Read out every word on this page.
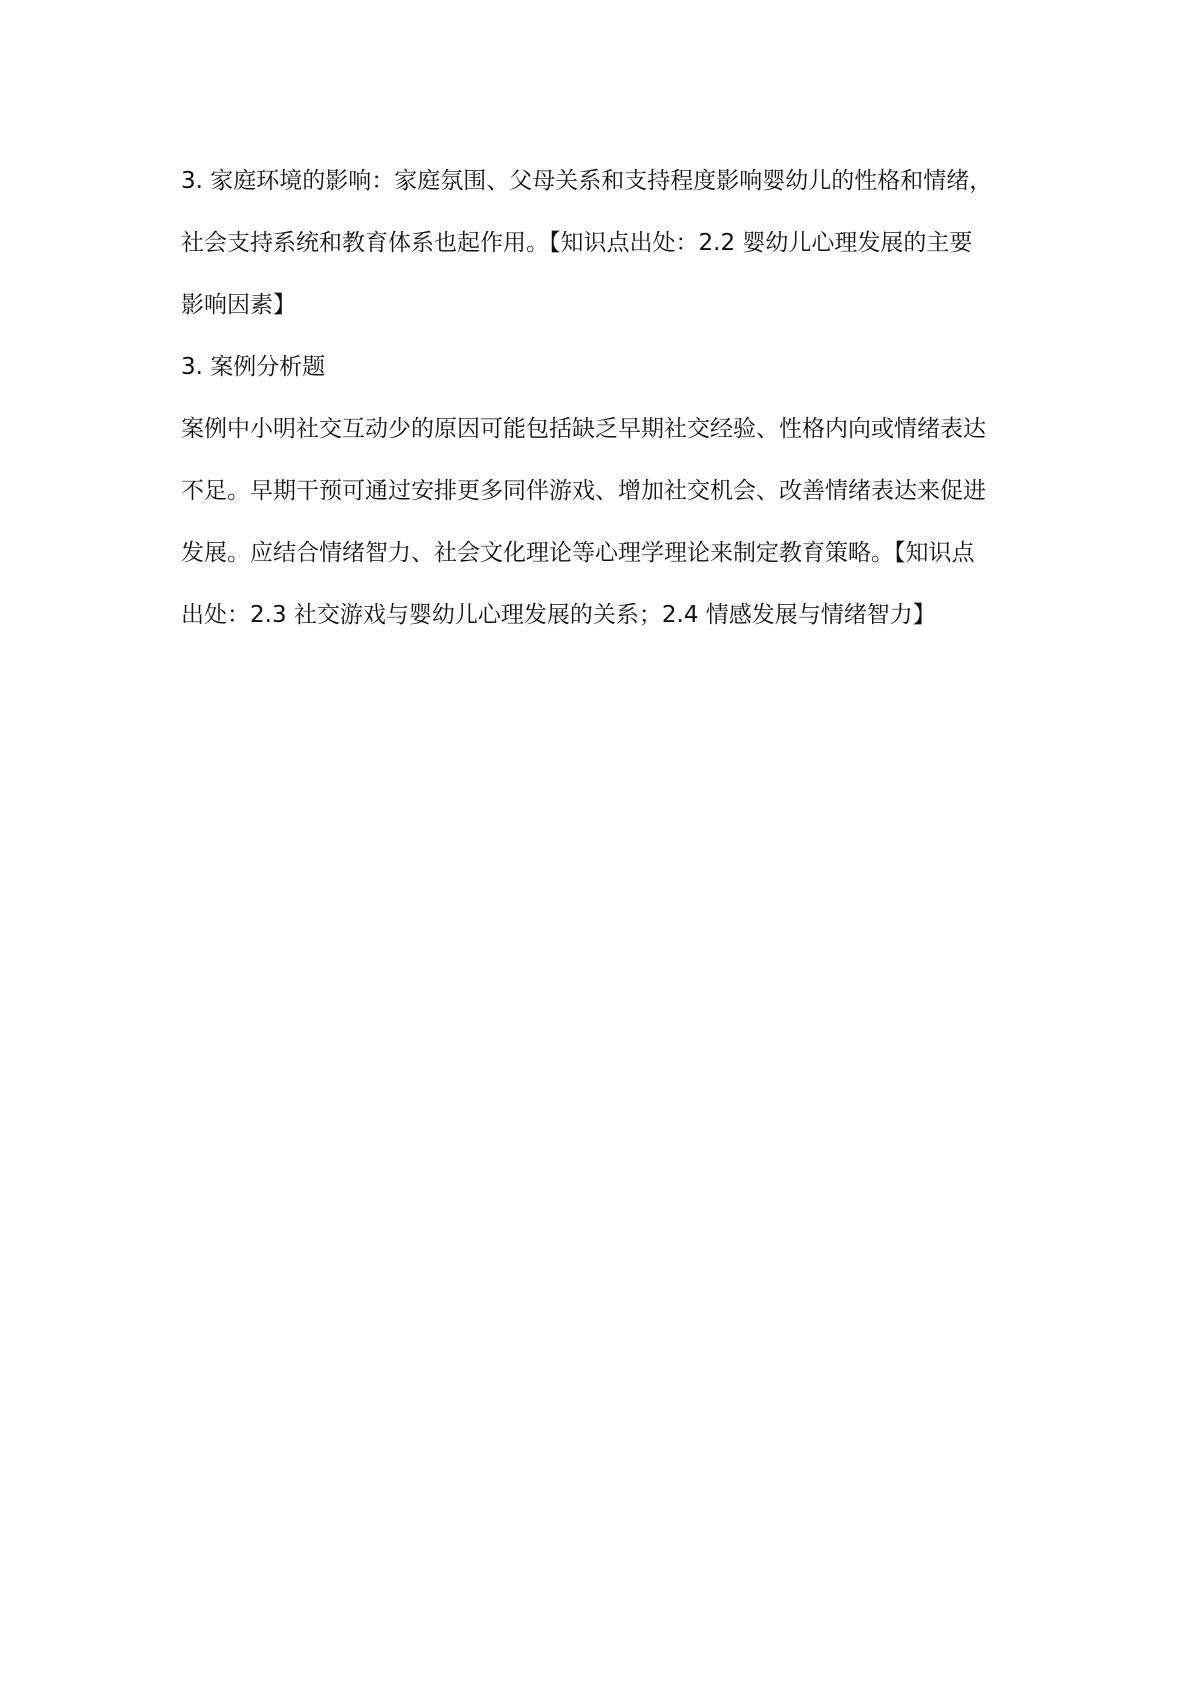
3. 家庭环境的影响：家庭氛围、父母关系和支持程度影响婴幼儿的性格和情绪，
社会支持系统和教育体系也起作用。【知识点出处：2.2 婴幼儿心理发展的主要
影响因素】
3. 案例分析题
案例中小明社交互动少的原因可能包括缺乏早期社交经验、性格内向或情绪表达
不足。早期干预可通过安排更多同伴游戏、增加社交机会、改善情绪表达来促进
发展。应结合情绪智力、社会文化理论等心理学理论来制定教育策略。【知识点
出处：2.3 社交游戏与婴幼儿心理发展的关系；2.4 情感发展与情绪智力】
